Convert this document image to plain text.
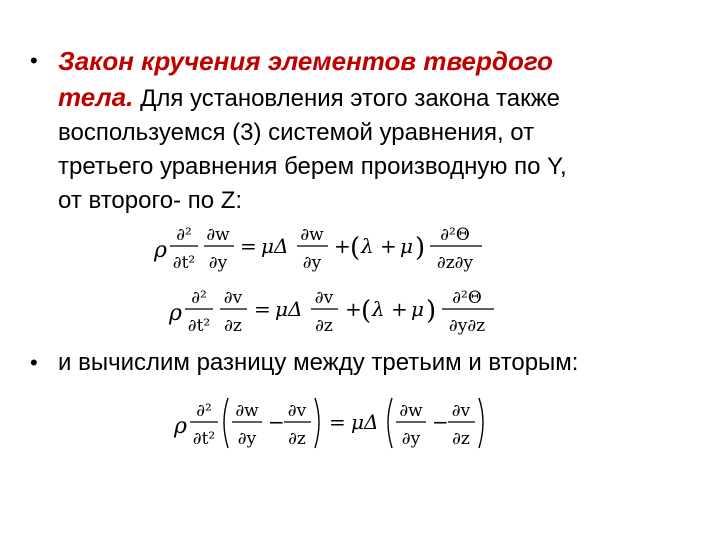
• Закон кручения элементов твердого
тела. Для установления этого закона также
воспользуемся (3) системой уравнения, от
третьего уравнения берем производную по Y,
от второго- по Z:
ρ
∂²
∂t²
∂w
∂y
= μΔ ∂w
∂y
+ ( λ + μ ) ∂²Θ
∂z∂y
ρ
∂²
∂t²
∂v
∂z
= μΔ ∂v
∂z
+ ( λ + μ ) ∂²Θ
∂y∂z
• и вычислим разницу между третьим и вторым:
ρ
∂²
∂t²
∂w
∂y
− ∂v
∂z
= μΔ ∂w
∂y
− ∂v
∂z
